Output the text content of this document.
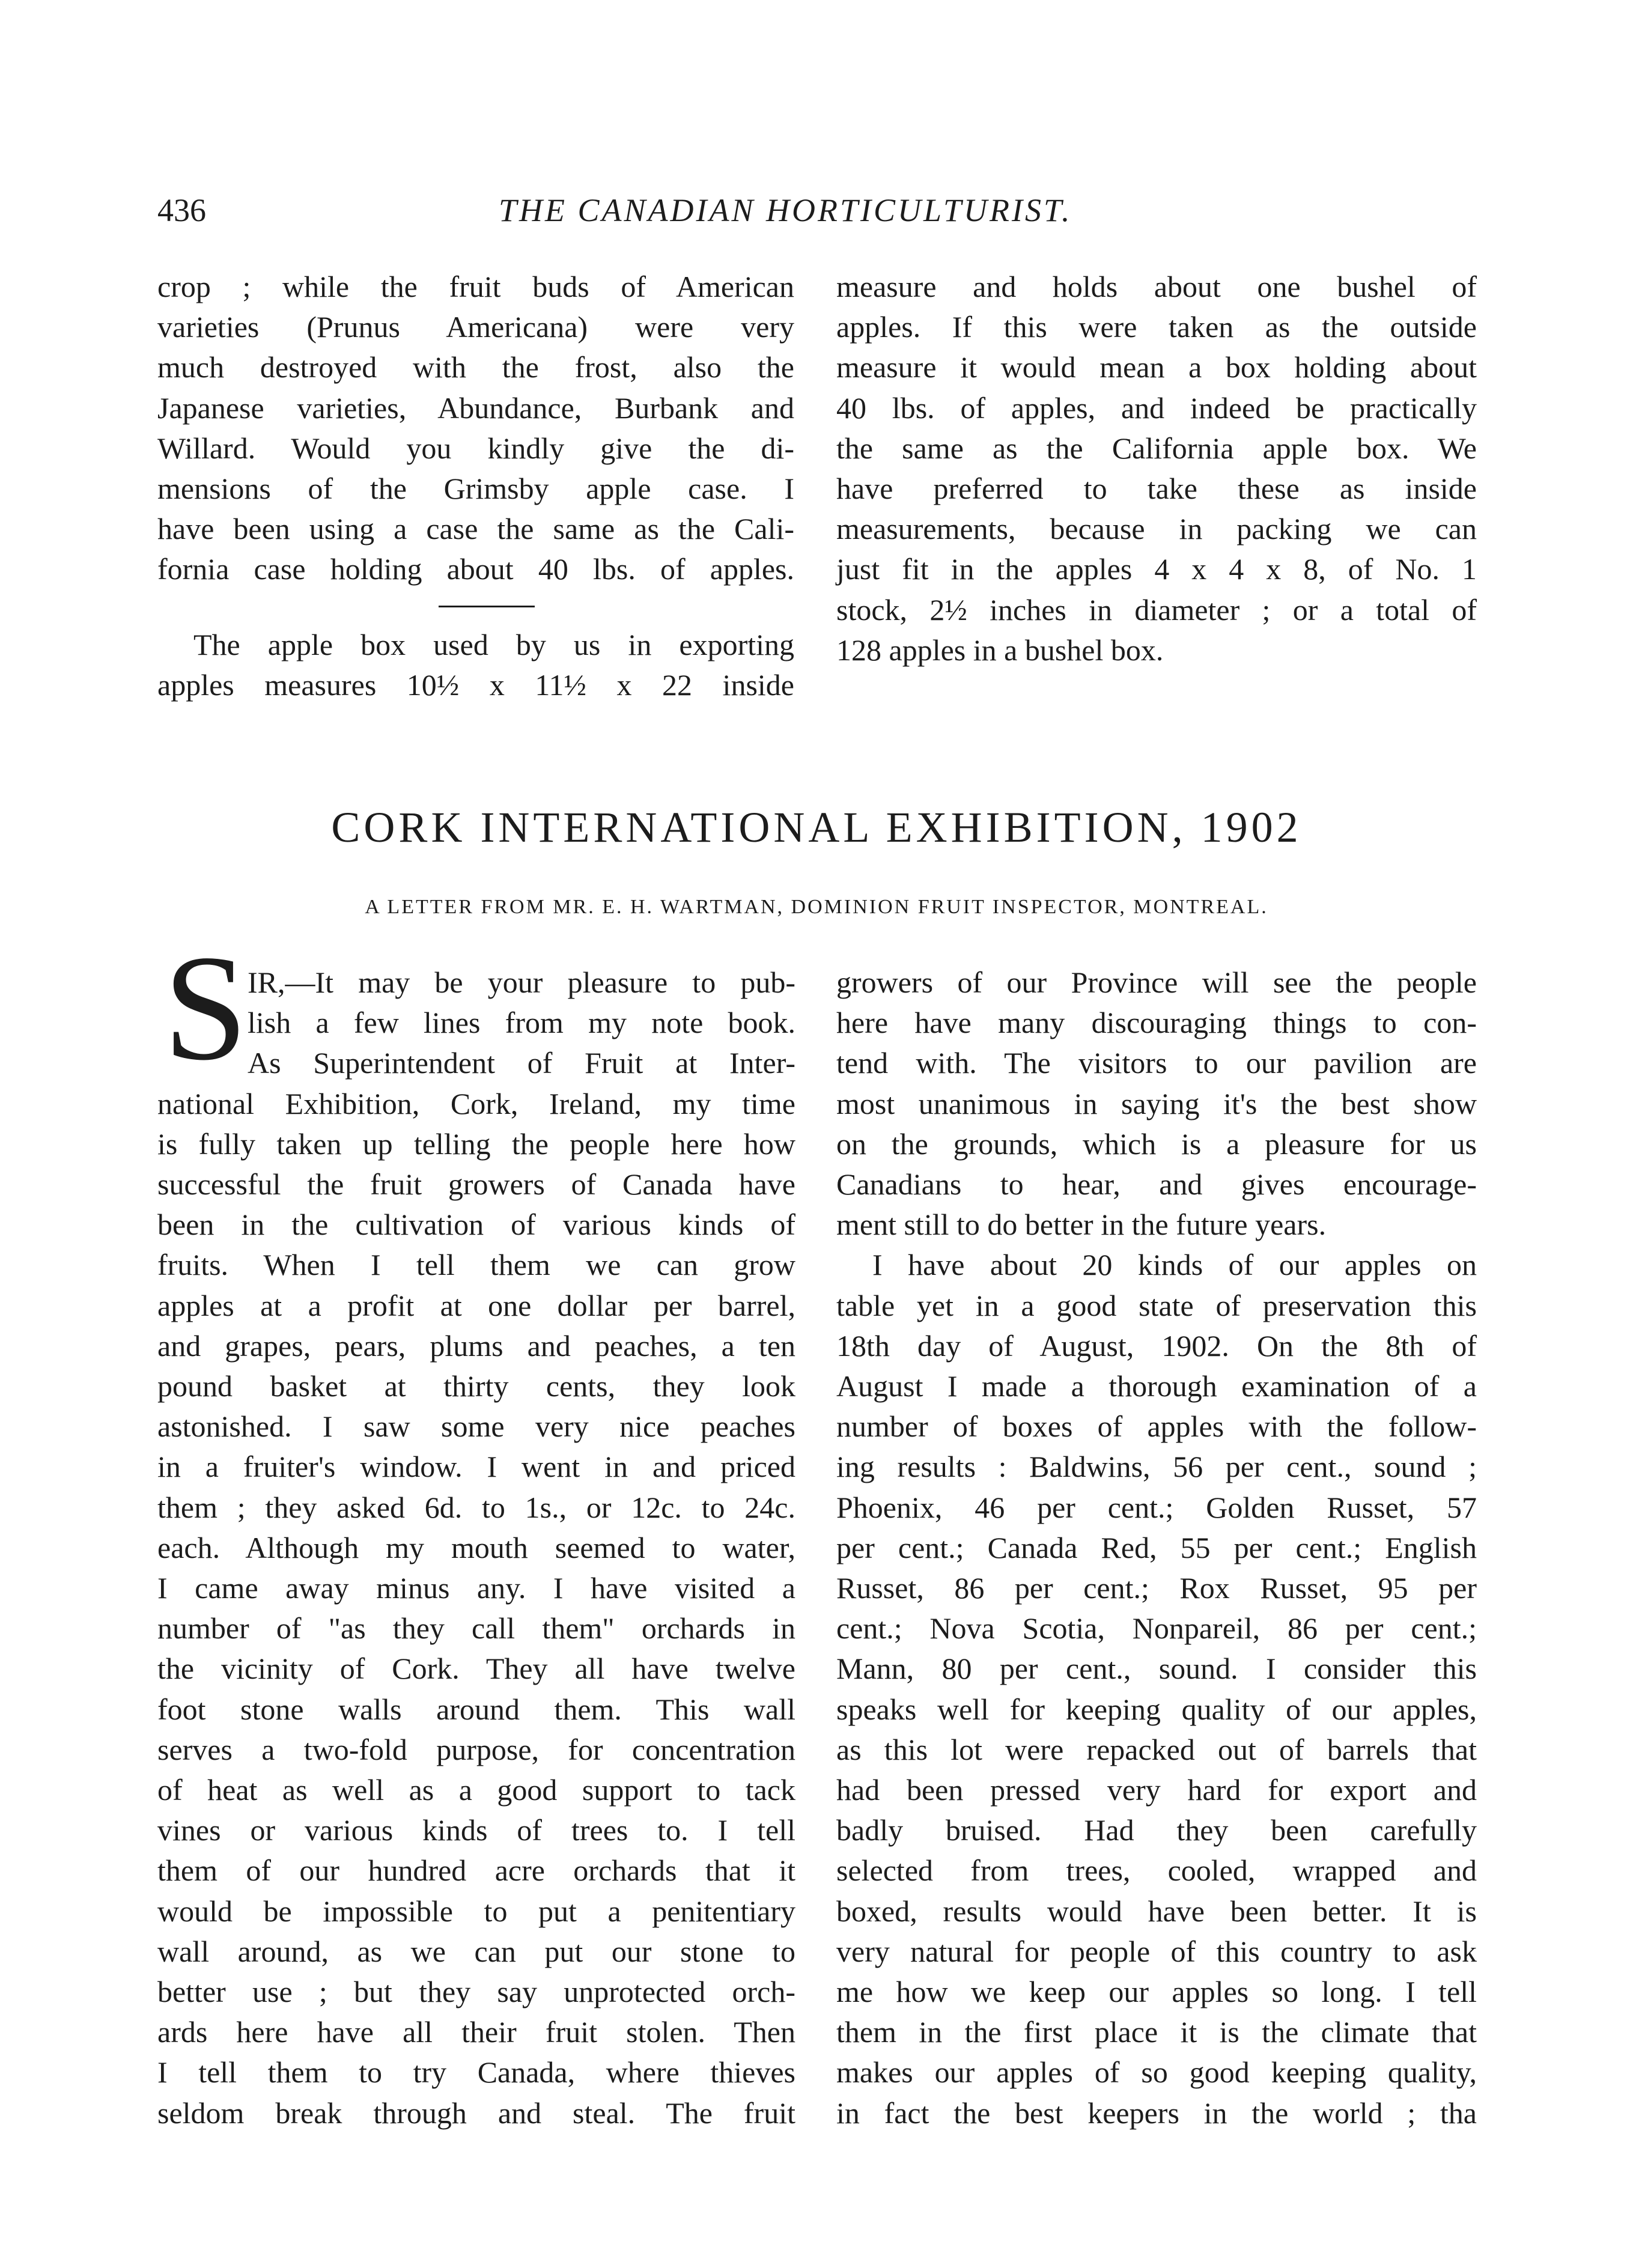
436	THE CANADIAN HORTICULTURIST.
crop ; while the fruit buds of American
varieties (Prunus Americana) were very
much destroyed with the frost, also the
Japanese varieties, Abundance, Burbank and
Willard. Would you kindly give the di-
mensions of the Grimsby apple case. I
have been using a case the same as the Cali-
fornia case holding about 40 lbs. of apples.
The apple box used by us in exporting
apples measures 10½ x 11½ x 22 inside
measure and holds about one bushel of
apples. If this were taken as the outside
measure it would mean a box holding about
40 lbs. of apples, and indeed be practically
the same as the California apple box. We
have preferred to take these as inside
measurements, because in packing we can
just fit in the apples 4 x 4 x 8, of No. 1
stock, 2½ inches in diameter ; or a total of
128 apples in a bushel box.
CORK INTERNATIONAL EXHIBITION, 1902
A LETTER FROM MR. E. H. WARTMAN, DOMINION FRUIT INSPECTOR, MONTREAL.
S IR,—It may be your pleasure to pub-
lish a few lines from my note book.
As Superintendent of Fruit at Inter-
national Exhibition, Cork, Ireland, my time
is fully taken up telling the people here how
successful the fruit growers of Canada have
been in the cultivation of various kinds of
fruits. When I tell them we can grow
apples at a profit at one dollar per barrel,
and grapes, pears, plums and peaches, a ten
pound basket at thirty cents, they look
astonished. I saw some very nice peaches
in a fruiter's window. I went in and priced
them ; they asked 6d. to 1s., or 12c. to 24c.
each. Although my mouth seemed to water,
I came away minus any. I have visited a
number of "as they call them" orchards in
the vicinity of Cork. They all have twelve
foot stone walls around them. This wall
serves a two-fold purpose, for concentration
of heat as well as a good support to tack
vines or various kinds of trees to. I tell
them of our hundred acre orchards that it
would be impossible to put a penitentiary
wall around, as we can put our stone to
better use ; but they say unprotected orch-
ards here have all their fruit stolen. Then
I tell them to try Canada, where thieves
seldom break through and steal. The fruit
growers of our Province will see the people
here have many discouraging things to con-
tend with. The visitors to our pavilion are
most unanimous in saying it's the best show
on the grounds, which is a pleasure for us
Canadians to hear, and gives encourage-
ment still to do better in the future years.
I have about 20 kinds of our apples on
table yet in a good state of preservation this
18th day of August, 1902. On the 8th of
August I made a thorough examination of a
number of boxes of apples with the follow-
ing results : Baldwins, 56 per cent., sound ;
Phoenix, 46 per cent.; Golden Russet, 57
per cent.; Canada Red, 55 per cent.; English
Russet, 86 per cent.; Rox Russet, 95 per
cent.; Nova Scotia, Nonpareil, 86 per cent.;
Mann, 80 per cent., sound. I consider this
speaks well for keeping quality of our apples,
as this lot were repacked out of barrels that
had been pressed very hard for export and
badly bruised. Had they been carefully
selected from trees, cooled, wrapped and
boxed, results would have been better. It is
very natural for people of this country to ask
me how we keep our apples so long. I tell
them in the first place it is the climate that
makes our apples of so good keeping quality,
in fact the best keepers in the world ; tha
